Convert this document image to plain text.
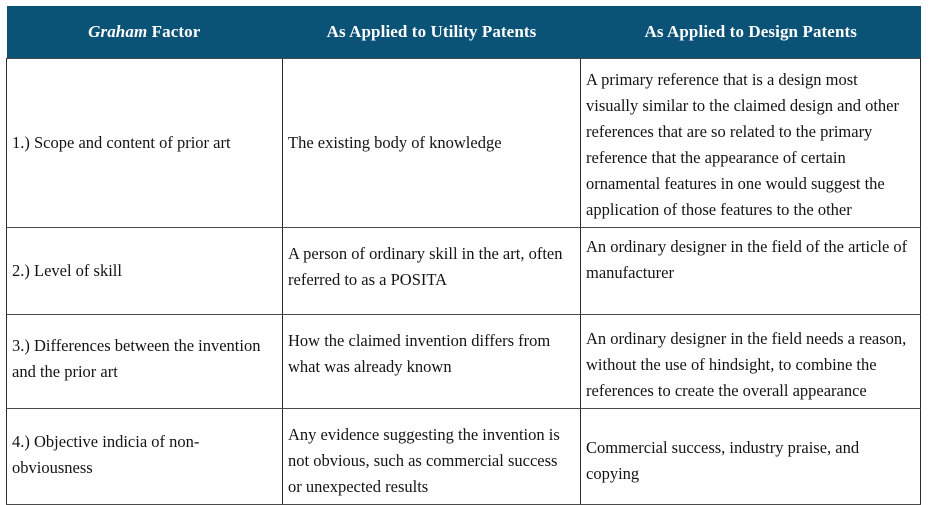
Graham Factor	As Applied to Utility Patents	As Applied to Design Patents
1.) Scope and content of prior art	The existing body of knowledge	A primary reference that is a design most visually similar to the claimed design and other references that are so related to the primary reference that the appearance of certain ornamental features in one would suggest the application of those features to the other
2.) Level of skill	A person of ordinary skill in the art, often referred to as a POSITA	An ordinary designer in the field of the article of manufacturer
3.) Differences between the invention and the prior art	How the claimed invention differs from what was already known	An ordinary designer in the field needs a reason, without the use of hindsight, to combine the references to create the overall appearance
4.) Objective indicia of non-obviousness	Any evidence suggesting the invention is not obvious, such as commercial success or unexpected results	Commercial success, industry praise, and copying
